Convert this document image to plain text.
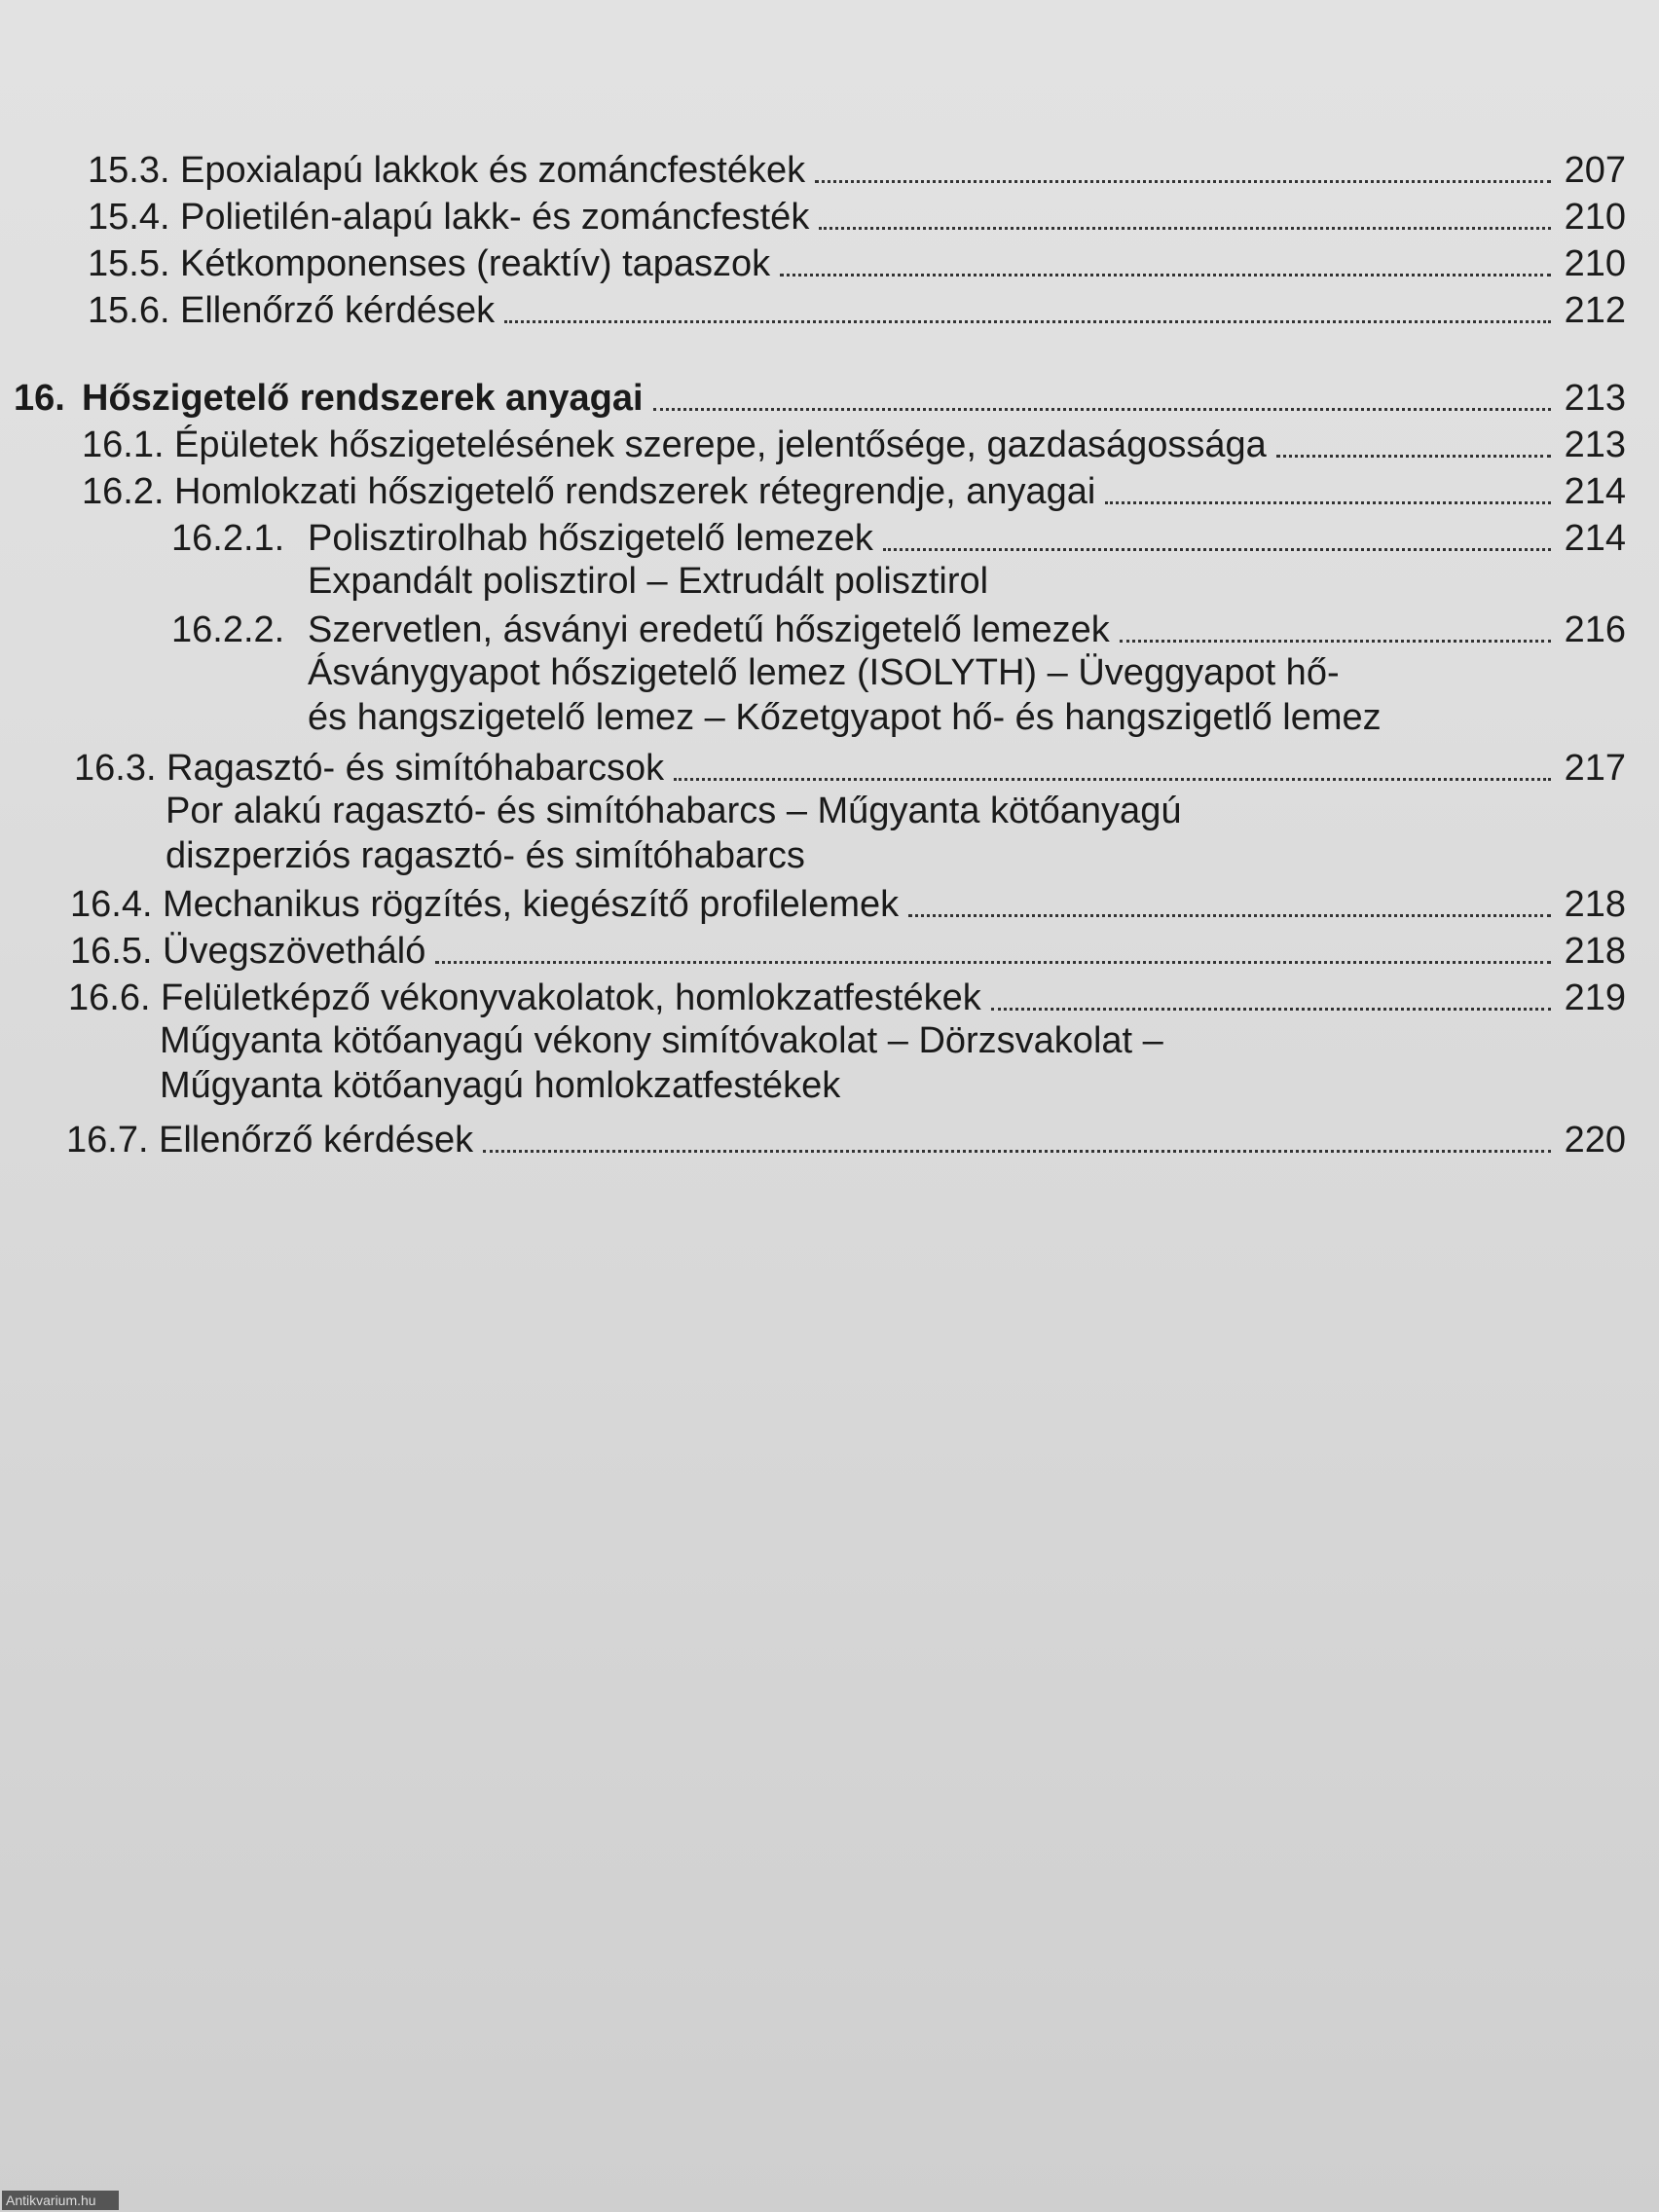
15.3. Epoxialapú lakkok és zománcfestékek	207
15.4. Polietilén-alapú lakk- és zománcfesték	210
15.5. Kétkomponenses (reaktív) tapaszok	210
15.6. Ellenőrző kérdések	212
16. Hőszigetelő rendszerek anyagai	213
16.1. Épületek hőszigetelésének szerepe, jelentősége, gazdaságossága	213
16.2. Homlokzati hőszigetelő rendszerek rétegrendje, anyagai	214
16.2.1. Polisztirolhab hőszigetelő lemezek	214
Expandált polisztirol – Extrudált polisztirol
16.2.2. Szervetlen, ásványi eredetű hőszigetelő lemezek	216
Ásványgyapot hőszigetelő lemez (ISOLYTH) – Üveggyapot hő-
és hangszigetelő lemez – Kőzetgyapot hő- és hangszigetlő lemez
16.3. Ragasztó- és simítóhabarcsok	217
Por alakú ragasztó- és simítóhabarcs – Műgyanta kötőanyagú
diszperziós ragasztó- és simítóhabarcs
16.4. Mechanikus rögzítés, kiegészítő profilelemek	218
16.5. Üvegszövetháló	218
16.6. Felületképző vékonyvakolatok, homlokzatfestékek	219
Műgyanta kötőanyagú vékony simítóvakolat – Dörzsvakolat –
Műgyanta kötőanyagú homlokzatfestékek
16.7. Ellenőrző kérdések	220
Antikvarium.hu
